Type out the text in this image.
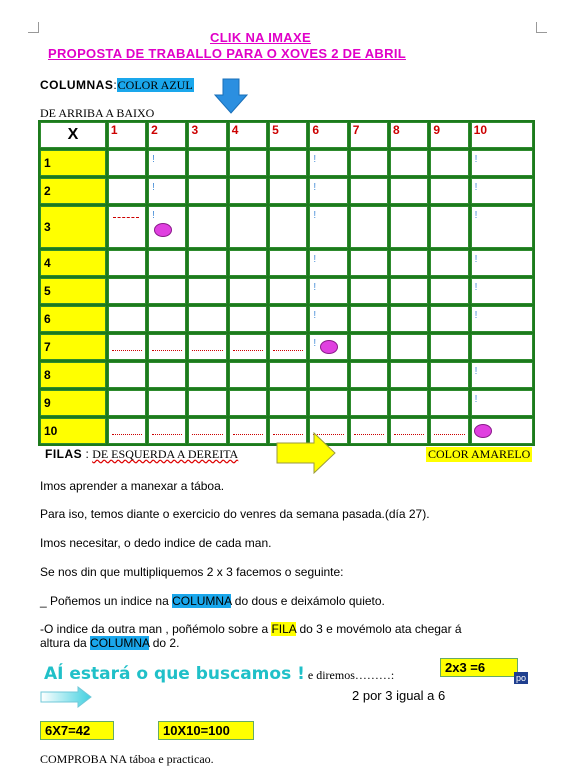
CLIK NA IMAXE
PROPOSTA DE TRABALLO PARA O XOVES 2 DE ABRIL
COLUMNAS:COLOR AZUL
DE ARRIBA A BAIXO
X	1	2	3	4	5	6	7	8	9	10
1		!				!				!

2		!				!				!

3		!				!				!

4						!				!

5						!				!

6						!				!

7						!				

8										!

9										!

10	

FILAS : DE ESQUERDA A DEREITA	COLOR AMARELO
Imos aprender a manexar a táboa.
Para iso, temos diante o exercicio do venres da semana pasada.(día 27).
Imos necesitar, o dedo indice de cada man.
Se nos din que multipliquemos 2 x 3 facemos o seguinte:
_ Poñemos un indice na COLUMNA do dous e deixámolo quieto.
-O indice da outra man , poñémolo sobre a FILA do 3 e movémolo ata chegar á
altura da COLUMNA do 2.
AÍ estará o que buscamos ! e diremos………:	2x3 =6
po
2 por 3 igual a 6
6X7=42	10X10=100
COMPROBA NA táboa e practicao.
